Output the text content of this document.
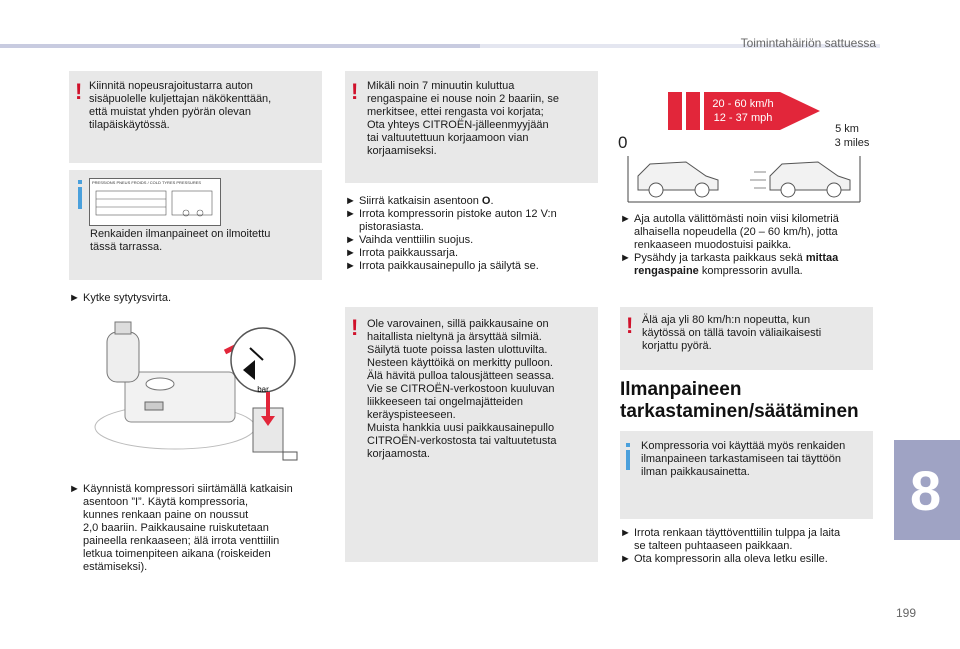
Toimintahäiriön sattuessa
199
8
! Kiinnitä nopeusrajoitustarra auton
sisäpuolelle kuljettajan näkökenttään,
että muistat yhden pyörän olevan
tilapäiskäytössä.
PRESSIONS PNEUS FROIDS / COLD TYRES PRESSURES
Renkaiden ilmanpaineet on ilmoitettu
tässä tarrassa.
► Kytke sytytysvirta.
bar
► Käynnistä kompressori siirtämällä katkaisin
asentoon ”I”. Käytä kompressoria,
kunnes renkaan paine on noussut
2,0 baariin. Paikkausaine ruiskutetaan
paineella renkaaseen; älä irrota venttiilin
letkua toimenpiteen aikana (roiskeiden
estämiseksi).
! Mikäli noin 7 minuutin kuluttua
rengaspaine ei nouse noin 2 baariin, se
merkitsee, ettei rengasta voi korjata;
Ota yhteys CITROËN-jälleenmyyjään
tai valtuutettuun korjaamoon vian
korjaamiseksi.
► Siirrä katkaisin asentoon O.
► Irrota kompressorin pistoke auton 12 V:n
pistorasiasta.
► Vaihda venttiilin suojus.
► Irrota paikkaussarja.
► Irrota paikkausainepullo ja säilytä se.
! Ole varovainen, sillä paikkausaine on
haitallista nieltynä ja ärsyttää silmiä.
Säilytä tuote poissa lasten ulottuvilta.
Nesteen käyttöikä on merkitty pulloon.
Älä hävitä pulloa talousjätteen seassa.
Vie se CITROËN-verkostoon kuuluvan
liikkeeseen tai ongelmajätteiden
keräyspisteeseen.
Muista hankkia uusi paikkausainepullo
CITROËN-verkostosta tai valtuutetusta
korjaamosta.
20 - 60 km/h
12 - 37 mph
0
5 km
3 miles
► Aja autolla välittömästi noin viisi kilometriä
alhaisella nopeudella (20 – 60 km/h), jotta
renkaaseen muodostuisi paikka.
► Pysähdy ja tarkasta paikkaus sekä mittaa
rengaspaine kompressorin avulla.
! Älä aja yli 80 km/h:n nopeutta, kun
käytössä on tällä tavoin väliaikaisesti
korjattu pyörä.
Ilmanpaineen
tarkastaminen/säätäminen
Kompressoria voi käyttää myös renkaiden
ilmanpaineen tarkastamiseen tai täyttöön
ilman paikkausainetta.
► Irrota renkaan täyttöventtiilin tulppa ja laita
se talteen puhtaaseen paikkaan.
► Ota kompressorin alla oleva letku esille.
